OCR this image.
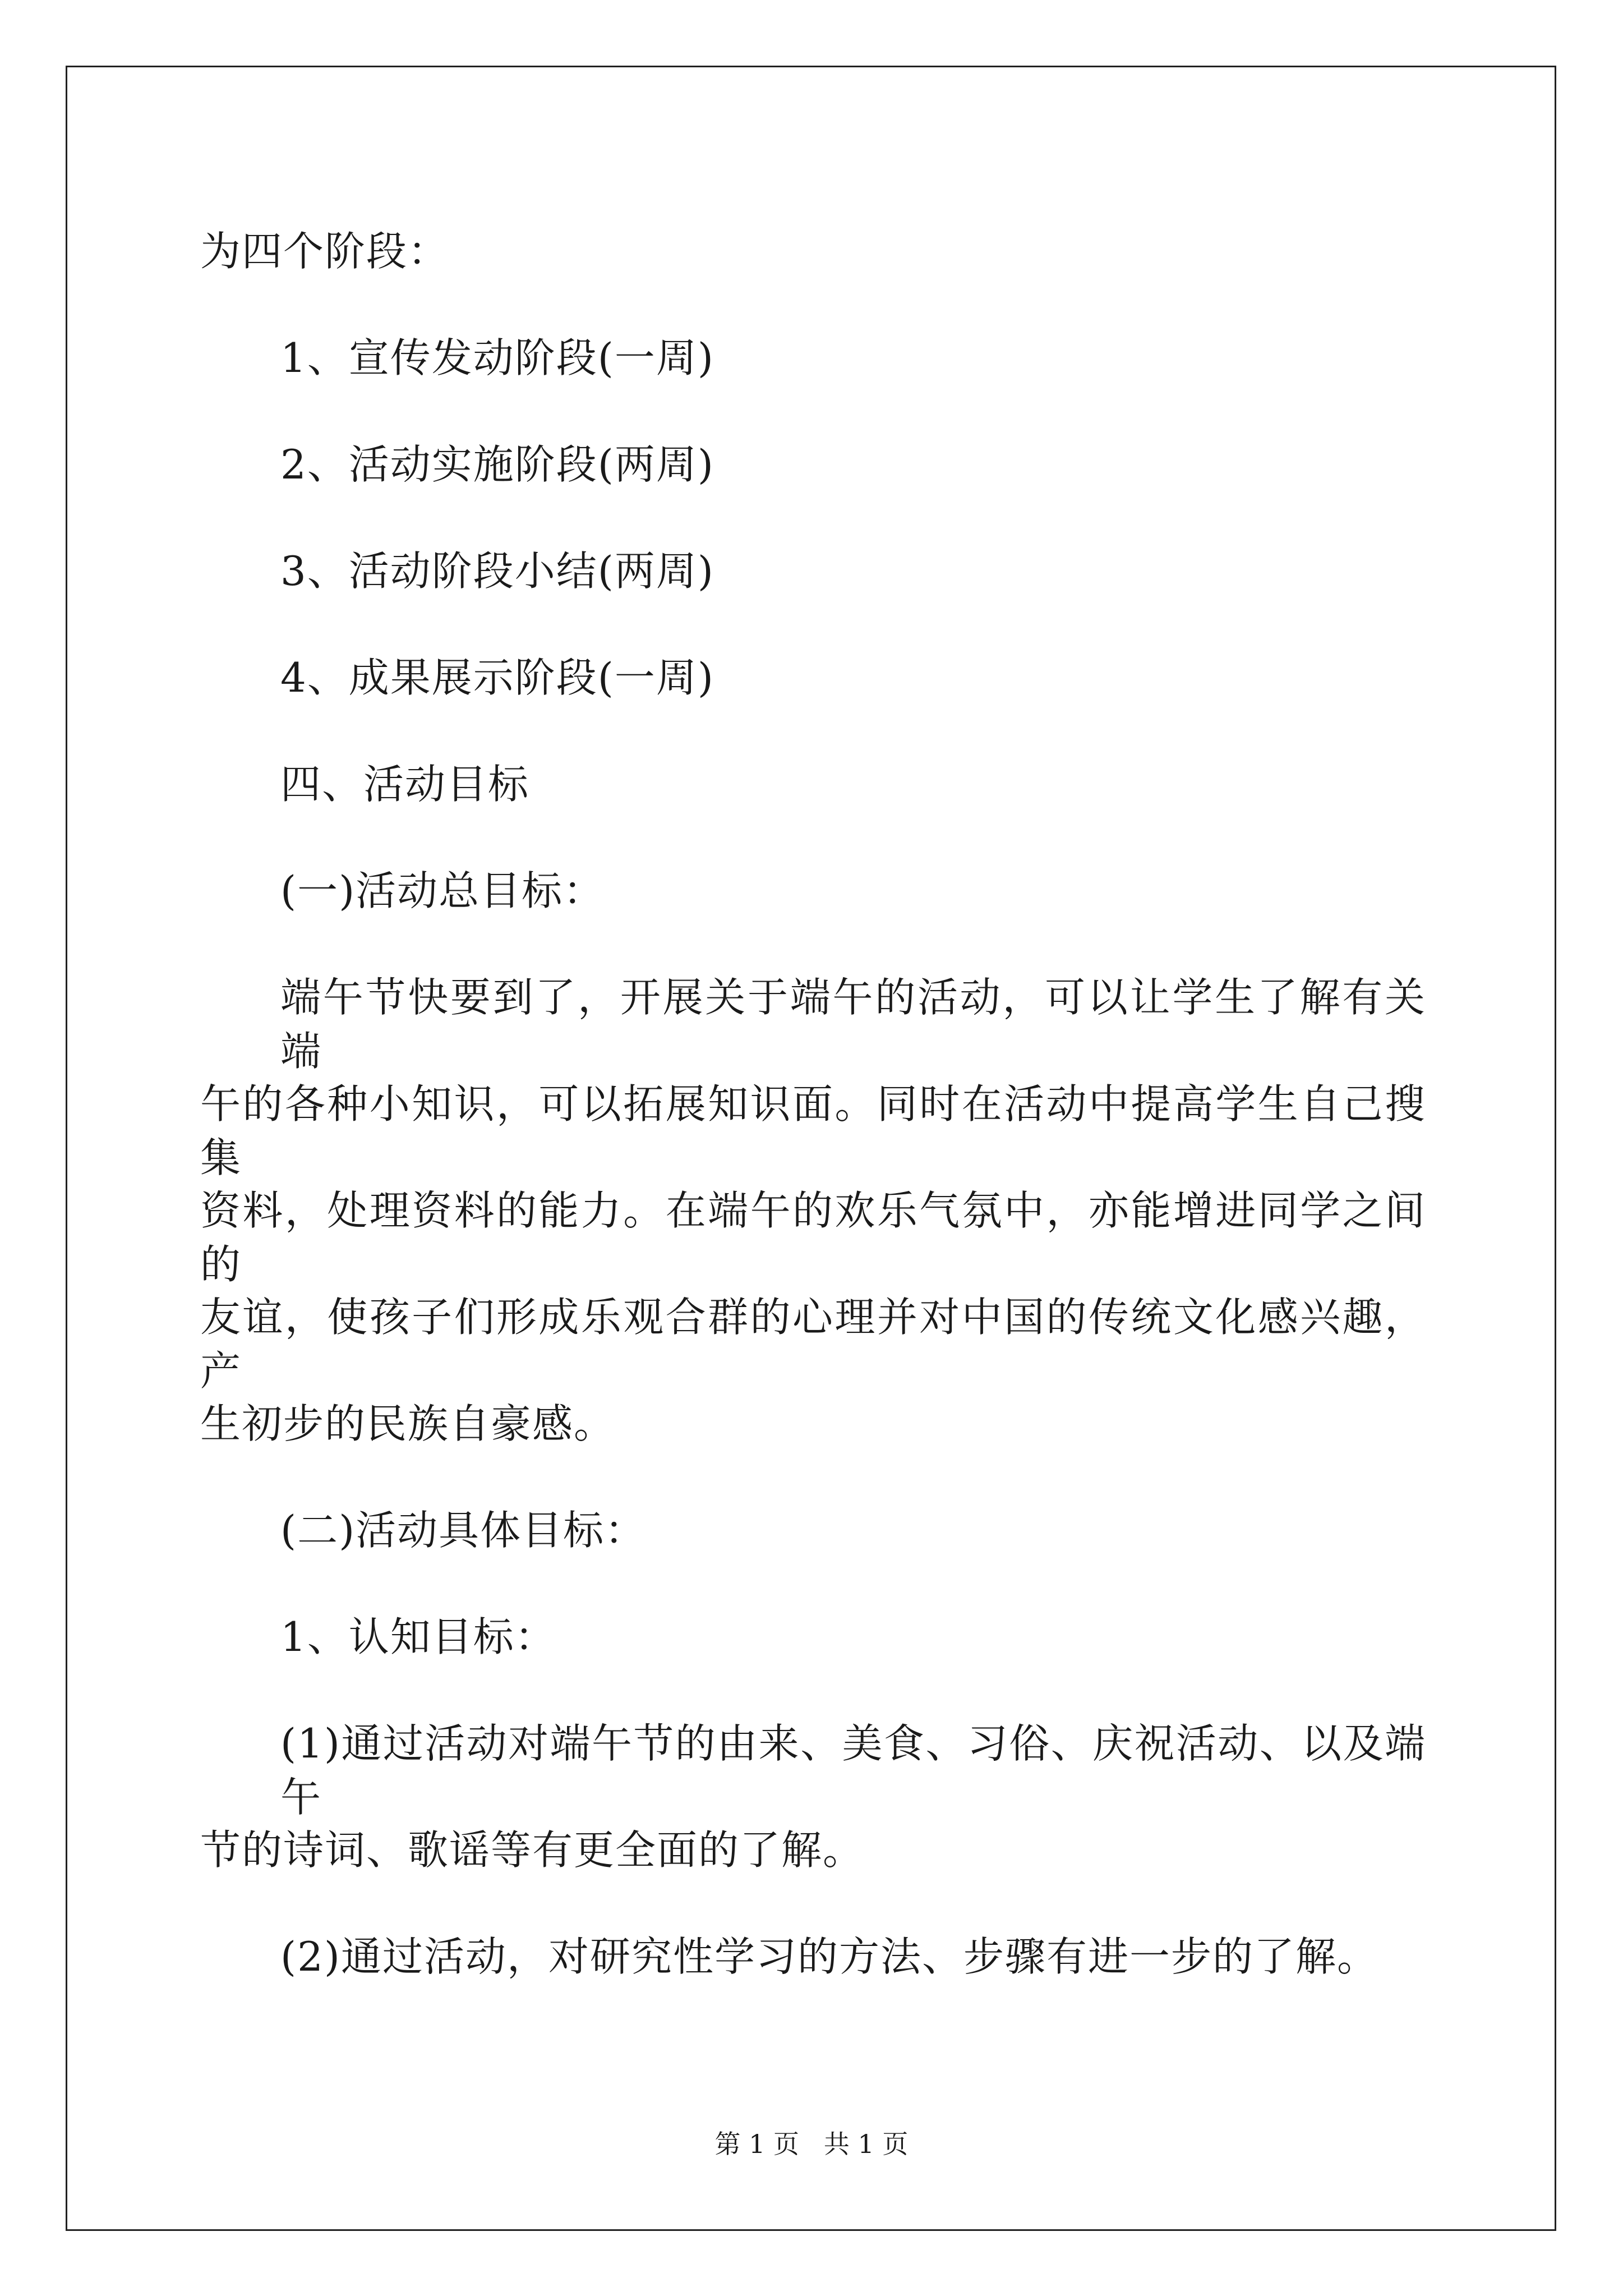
为四个阶段：
1、宣传发动阶段(一周)
2、活动实施阶段(两周)
3、活动阶段小结(两周)
4、成果展示阶段(一周)
四、活动目标
(一)活动总目标：
端午节快要到了，开展关于端午的活动，可以让学生了解有关端
午的各种小知识，可以拓展知识面。同时在活动中提高学生自己搜集
资料，处理资料的能力。在端午的欢乐气氛中，亦能增进同学之间的
友谊，使孩子们形成乐观合群的心理并对中国的传统文化感兴趣，产
生初步的民族自豪感。
(二)活动具体目标：
1、认知目标：
(1)通过活动对端午节的由来、美食、习俗、庆祝活动、以及端午
节的诗词、歌谣等有更全面的了解。
(2)通过活动，对研究性学习的方法、步骤有进一步的了解。
第 1 页   共 1 页
